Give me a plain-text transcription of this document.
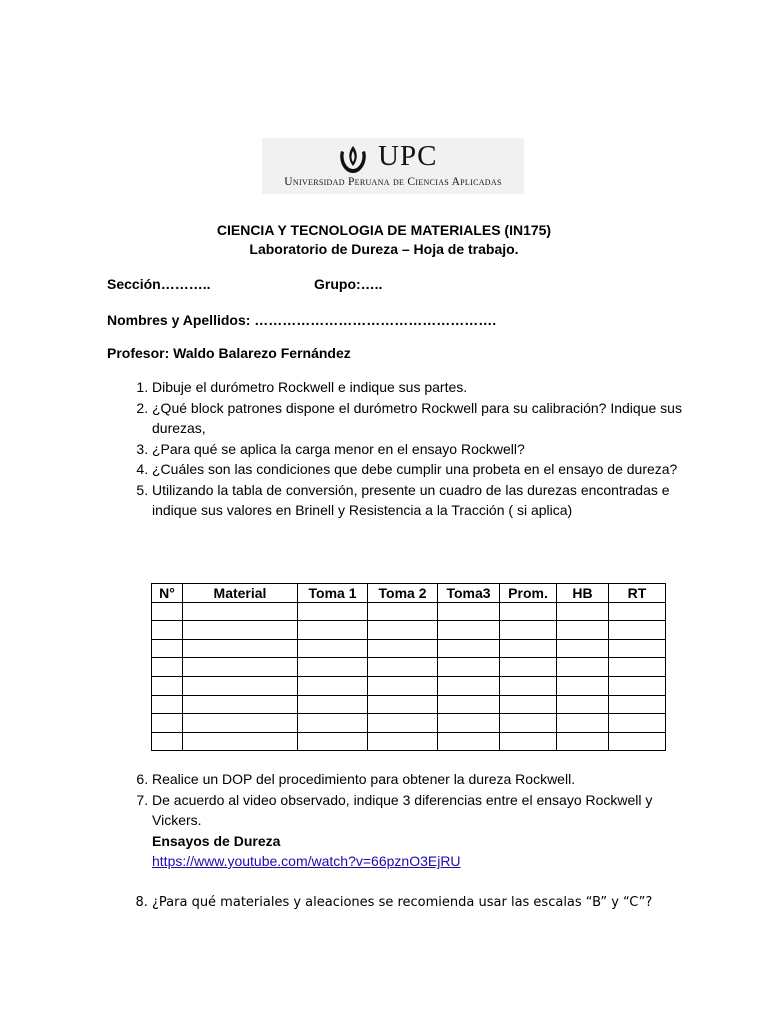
UPC
Universidad Peruana de Ciencias Aplicadas
CIENCIA Y TECNOLOGIA DE MATERIALES (IN175)
Laboratorio de Dureza – Hoja de trabajo.
Sección………..	Grupo:…..
Nombres y Apellidos: …………………………………………….
Profesor: Waldo Balarezo Fernández
1. Dibuje el durómetro Rockwell e indique sus partes.
2. ¿Qué block patrones dispone el durómetro Rockwell para su calibración? Indique sus durezas,
3. ¿Para qué se aplica la carga menor en el ensayo Rockwell?
4. ¿Cuáles son las condiciones que debe cumplir una probeta en el ensayo de dureza?
5. Utilizando la tabla de conversión, presente un cuadro de las durezas encontradas e indique sus valores en Brinell y Resistencia a la Tracción ( si aplica)
N°	Material	Toma 1	Toma 2	Toma3	Prom.	HB	RT

6. Realice un DOP del procedimiento para obtener la dureza Rockwell.
7. De acuerdo al video observado, indique 3 diferencias entre el ensayo Rockwell y Vickers.
Ensayos de Dureza
https://www.youtube.com/watch?v=66pznO3EjRU
8. ¿Para qué materiales y aleaciones se recomienda usar las escalas “B” y “C”?
